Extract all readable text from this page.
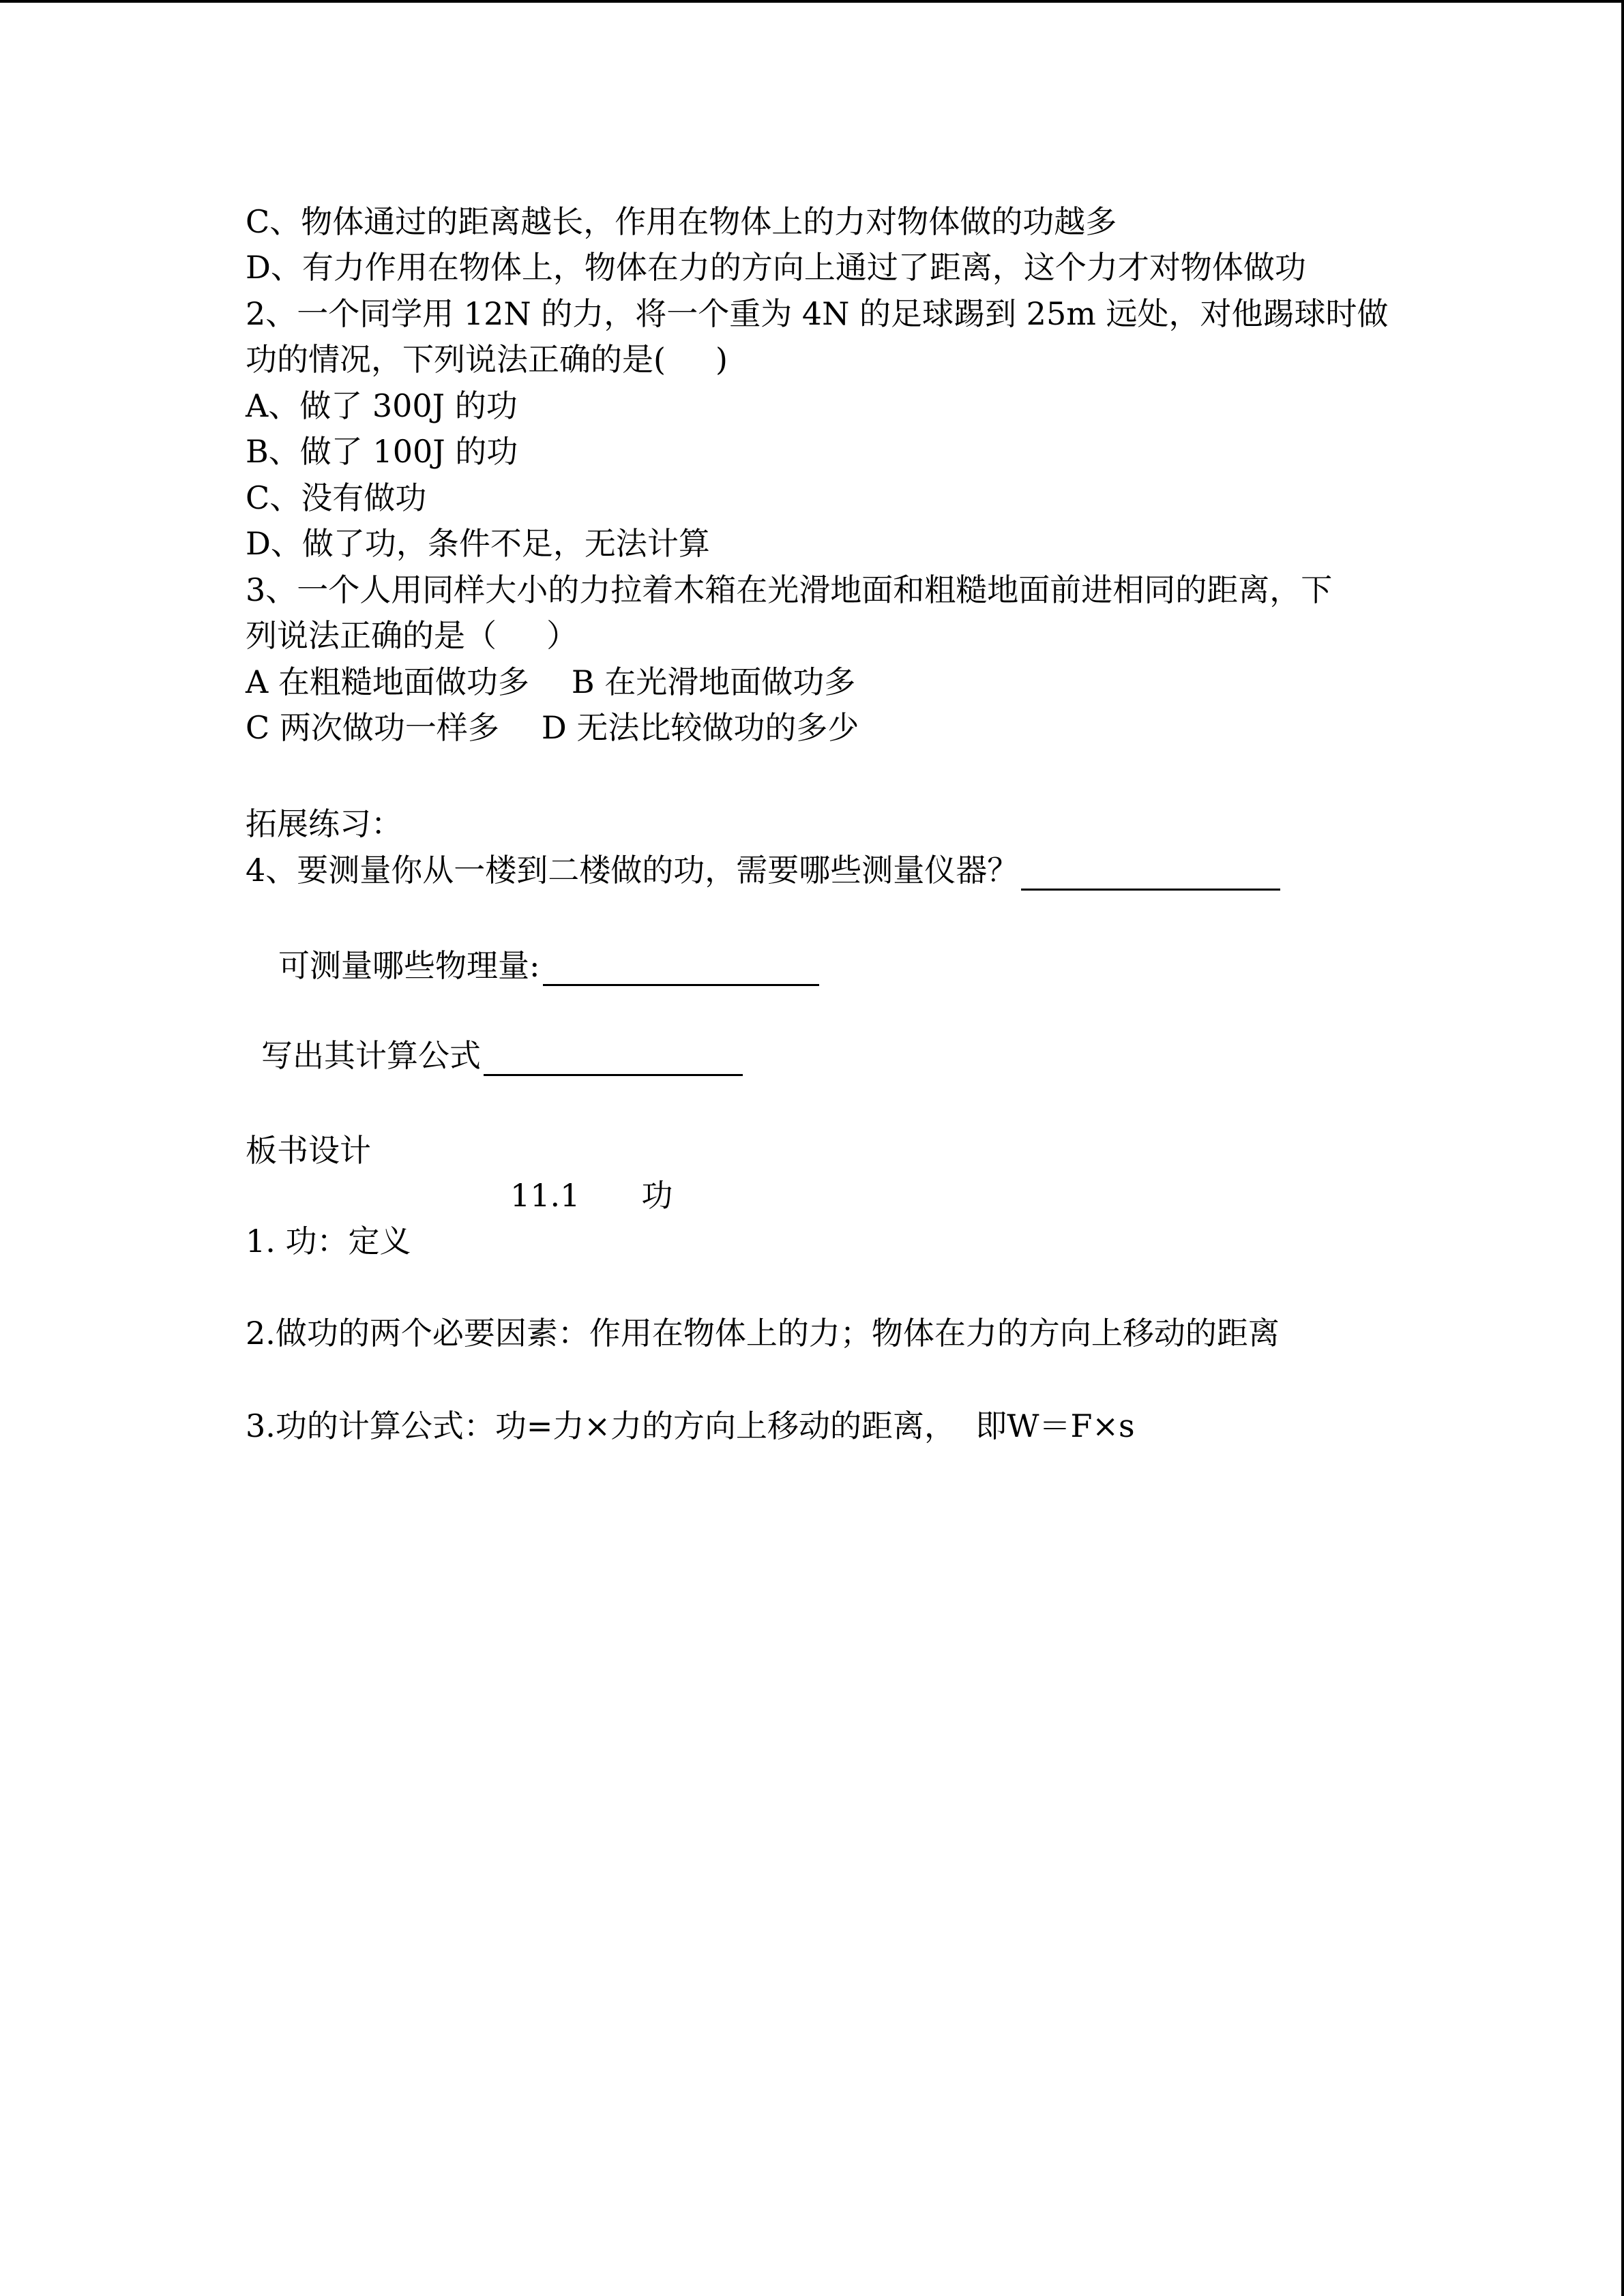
C、物体通过的距离越长，作用在物体上的力对物体做的功越多
D、有力作用在物体上，物体在力的方向上通过了距离，这个力才对物体做功
2、一个同学用 12N 的力，将一个重为 4N 的足球踢到 25m 远处，对他踢球时做
功的情况，下列说法正确的是(     )
A、做了 300J 的功
B、做了 100J 的功
C、没有做功
D、做了功，条件不足，无法计算
3、一个人用同样大小的力拉着木箱在光滑地面和粗糙地面前进相同的距离，下
列说法正确的是（     ）
A 在粗糙地面做功多 B 在光滑地面做功多
C 两次做功一样多 D 无法比较做功的多少
拓展练习：
4、要测量你从一楼到二楼做的功，需要哪些测量仪器？
可测量哪些物理量:
写出其计算公式
板书设计
11.1 功
1. 功：定义
2.做功的两个必要因素：作用在物体上的力；物体在力的方向上移动的距离
3.功的计算公式：功=力×力的方向上移动的距离，  即W＝F×s
